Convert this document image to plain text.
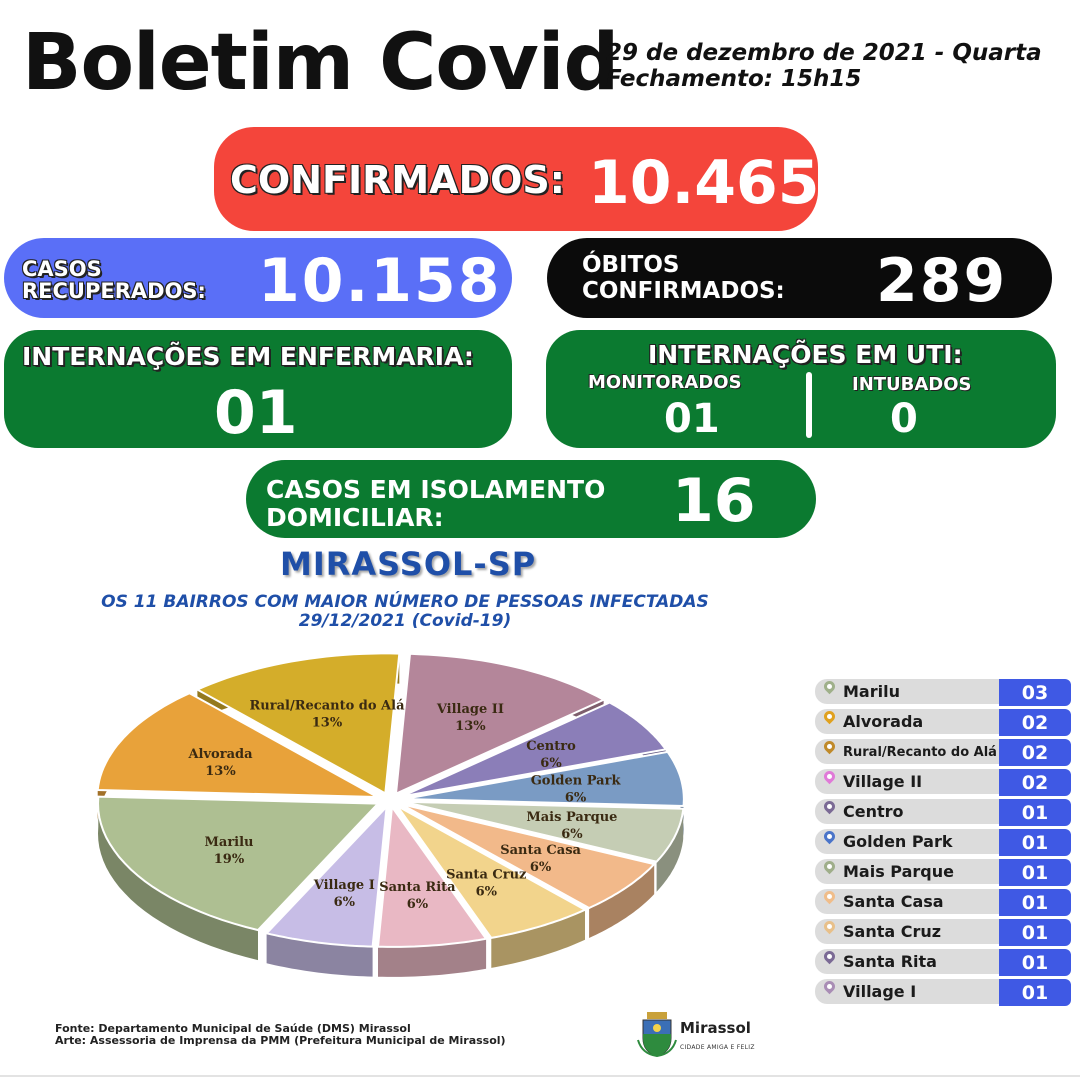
Boletim Covid
29 de dezembro de 2021 - Quarta
Fechamento: 15h15
CONFIRMADOS: 10.465
CASOS
RECUPERADOS: 10.158	ÓBITOS
CONFIRMADOS: 289
INTERNAÇÕES EM ENFERMARIA:
01
INTERNAÇÕES EM UTI:
MONITORADOS	INTUBADOS
01	0
CASOS EM ISOLAMENTO
DOMICILIAR:	16
MIRASSOL-SP
OS 11 BAIRROS COM MAIOR NÚMERO DE PESSOAS INFECTADAS
29/12/2021 (Covid-19)
Village II
13%
Centro
6%
Golden Park
6%
Mais Parque
6%
Santa Casa
6%
Santa Cruz
6%
Santa Rita
6%
Village I
6%
Marilu
19%
Alvorada
13%
Rural/Recanto do Alá
13%
Marilu	03
Alvorada	02
Rural/Recanto do Alá	02
Village II	02
Centro	01
Golden Park	01
Mais Parque	01
Santa Casa	01
Santa Cruz	01
Santa Rita	01
Village I	01
Fonte: Departamento Municipal de Saúde (DMS) Mirassol
Arte: Assessoria de Imprensa da PMM (Prefeitura Municipal de Mirassol)
Mirassol
CIDADE AMIGA E FELIZ
